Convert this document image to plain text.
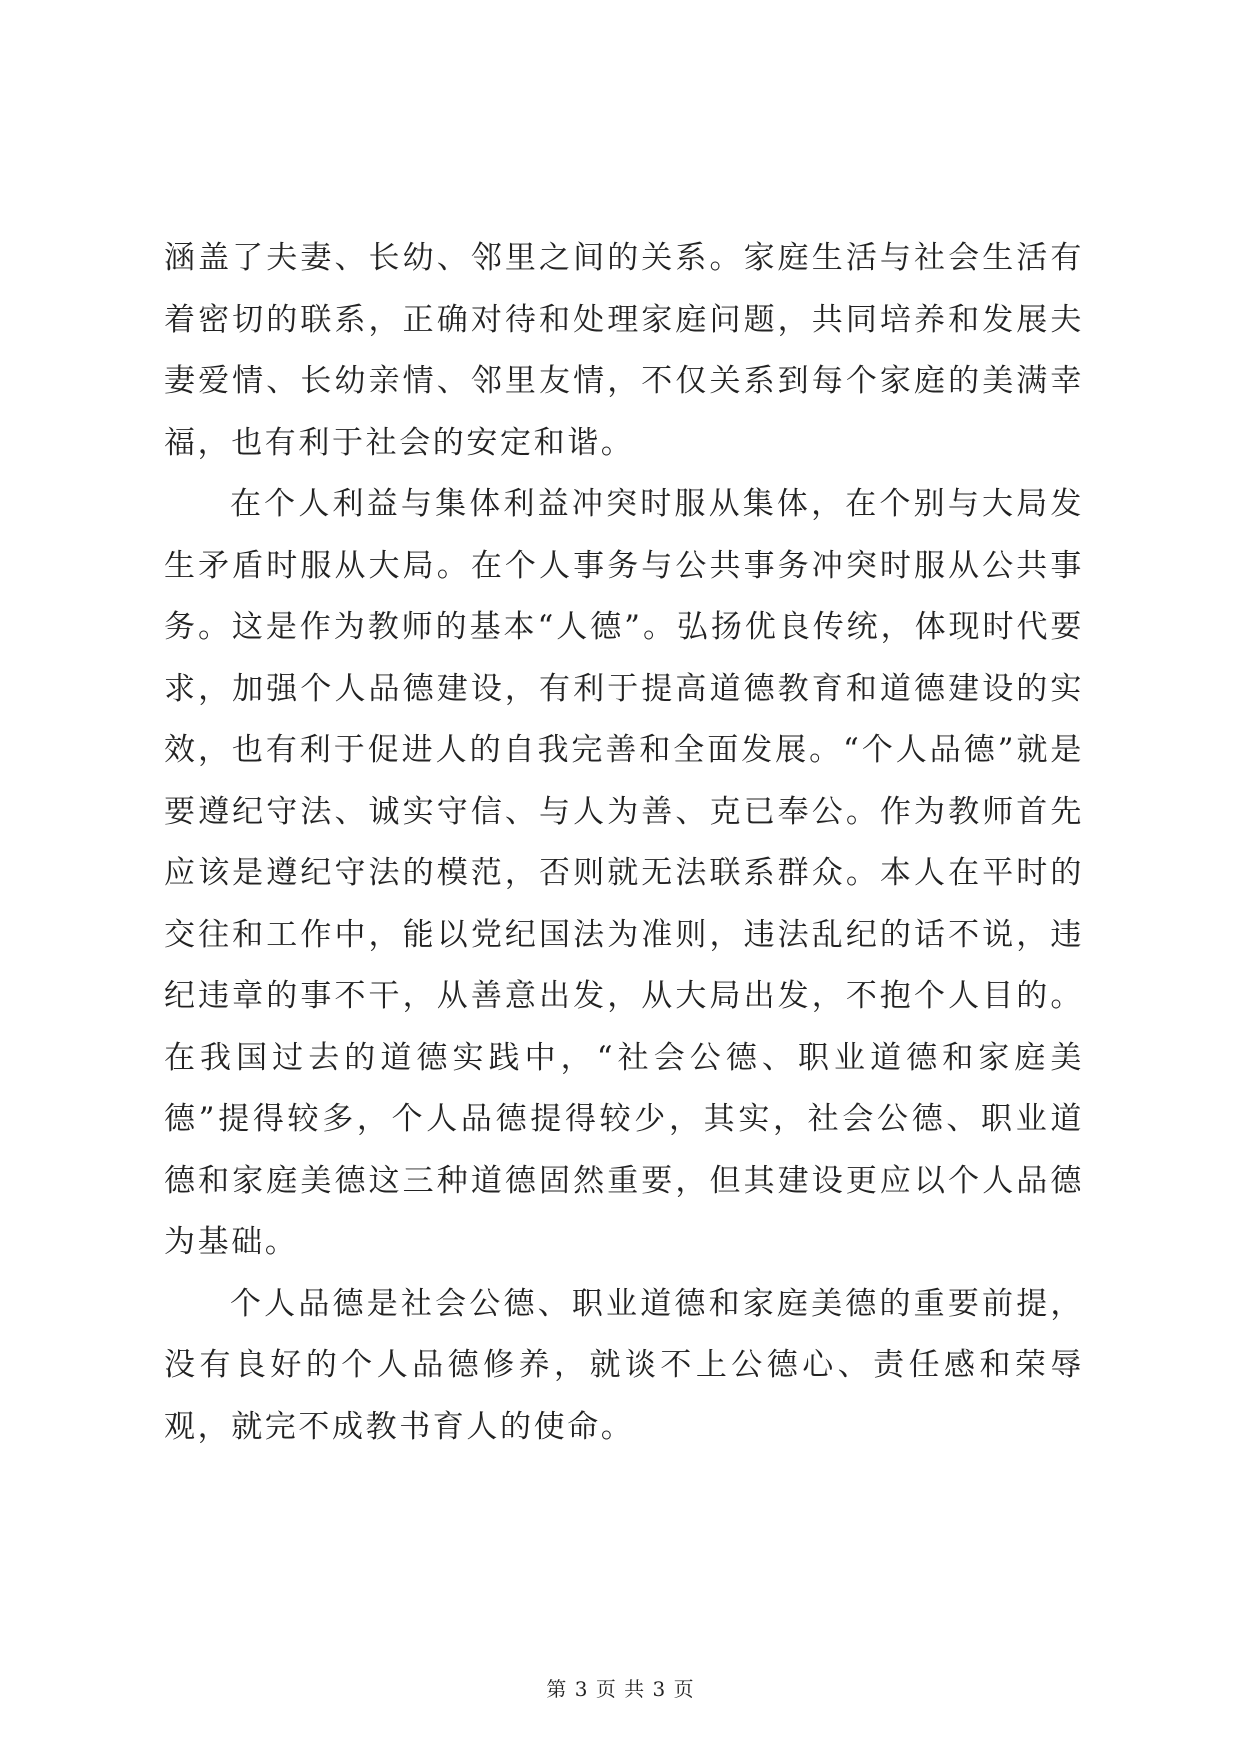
涵盖了夫妻、长幼、邻里之间的关系。家庭生活与社会生活有着密切的联系，正确对待和处理家庭问题，共同培养和发展夫妻爱情、长幼亲情、邻里友情，不仅关系到每个家庭的美满幸福，也有利于社会的安定和谐。

在个人利益与集体利益冲突时服从集体，在个别与大局发生矛盾时服从大局。在个人事务与公共事务冲突时服从公共事务。这是作为教师的基本“人德”。弘扬优良传统，体现时代要求，加强个人品德建设，有利于提高道德教育和道德建设的实效，也有利于促进人的自我完善和全面发展。“个人品德”就是要遵纪守法、诚实守信、与人为善、克已奉公。作为教师首先应该是遵纪守法的模范，否则就无法联系群众。本人在平时的交往和工作中，能以党纪国法为准则，违法乱纪的话不说，违纪违章的事不干，从善意出发，从大局出发，不抱个人目的。在我国过去的道德实践中，“社会公德、职业道德和家庭美德”提得较多，个人品德提得较少，其实，社会公德、职业道德和家庭美德这三种道德固然重要，但其建设更应以个人品德为基础。

个人品德是社会公德、职业道德和家庭美德的重要前提，没有良好的个人品德修养，就谈不上公德心、责任感和荣辱观，就完不成教书育人的使命。

第 3 页 共 3 页
